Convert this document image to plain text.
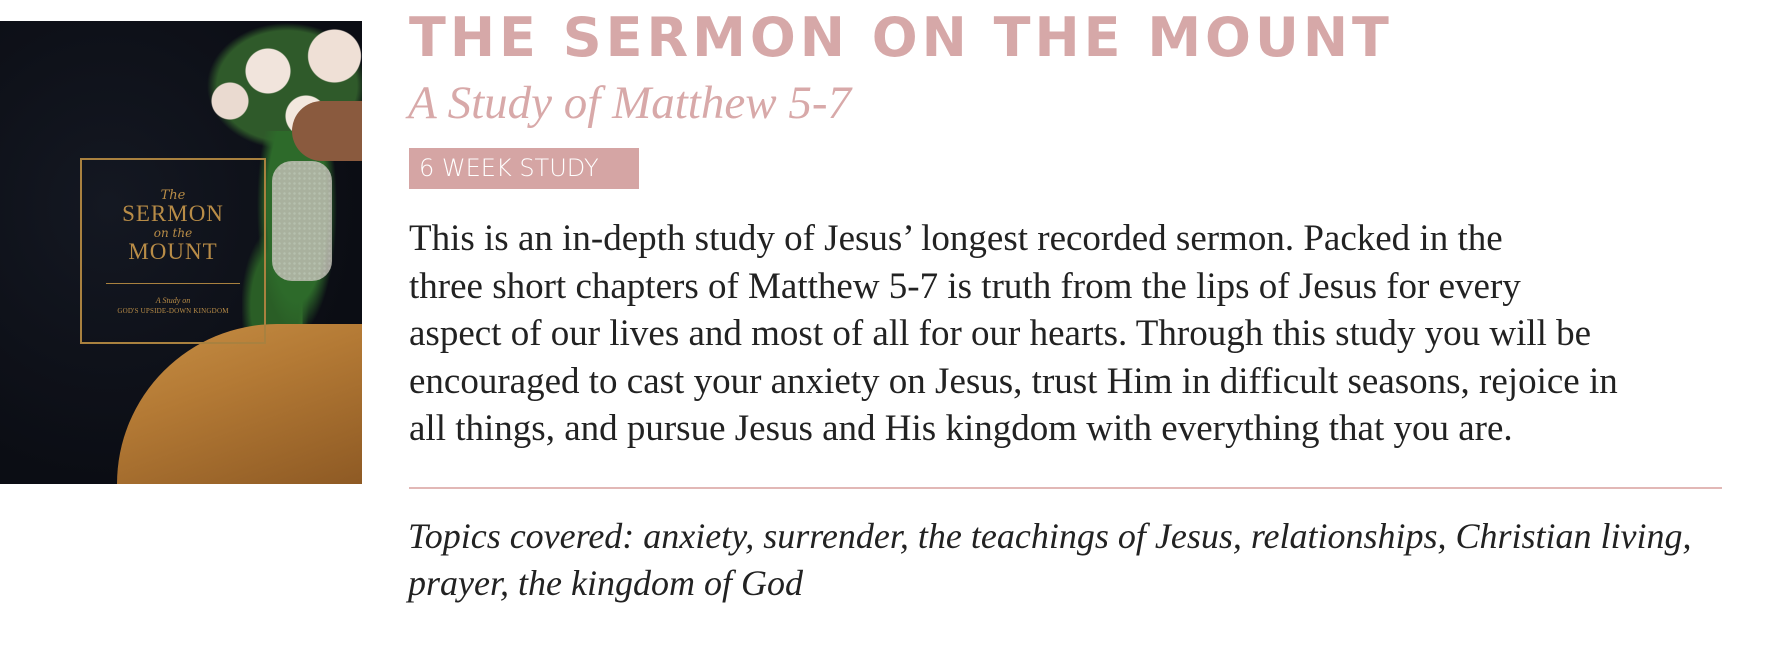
The
SERMON
on the
MOUNT
A Study on
GOD'S UPSIDE-DOWN KINGDOM
THE SERMON ON THE MOUNT
A Study of Matthew 5-7
6 WEEK STUDY
This is an in-depth study of Jesus’ longest recorded sermon. Packed in the
three short chapters of Matthew 5-7 is truth from the lips of Jesus for every
aspect of our lives and most of all for our hearts. Through this study you will be
encouraged to cast your anxiety on Jesus, trust Him in difficult seasons, rejoice in
all things, and pursue Jesus and His kingdom with everything that you are.
Topics covered: anxiety, surrender, the teachings of Jesus, relationships, Christian living,
prayer, the kingdom of God
